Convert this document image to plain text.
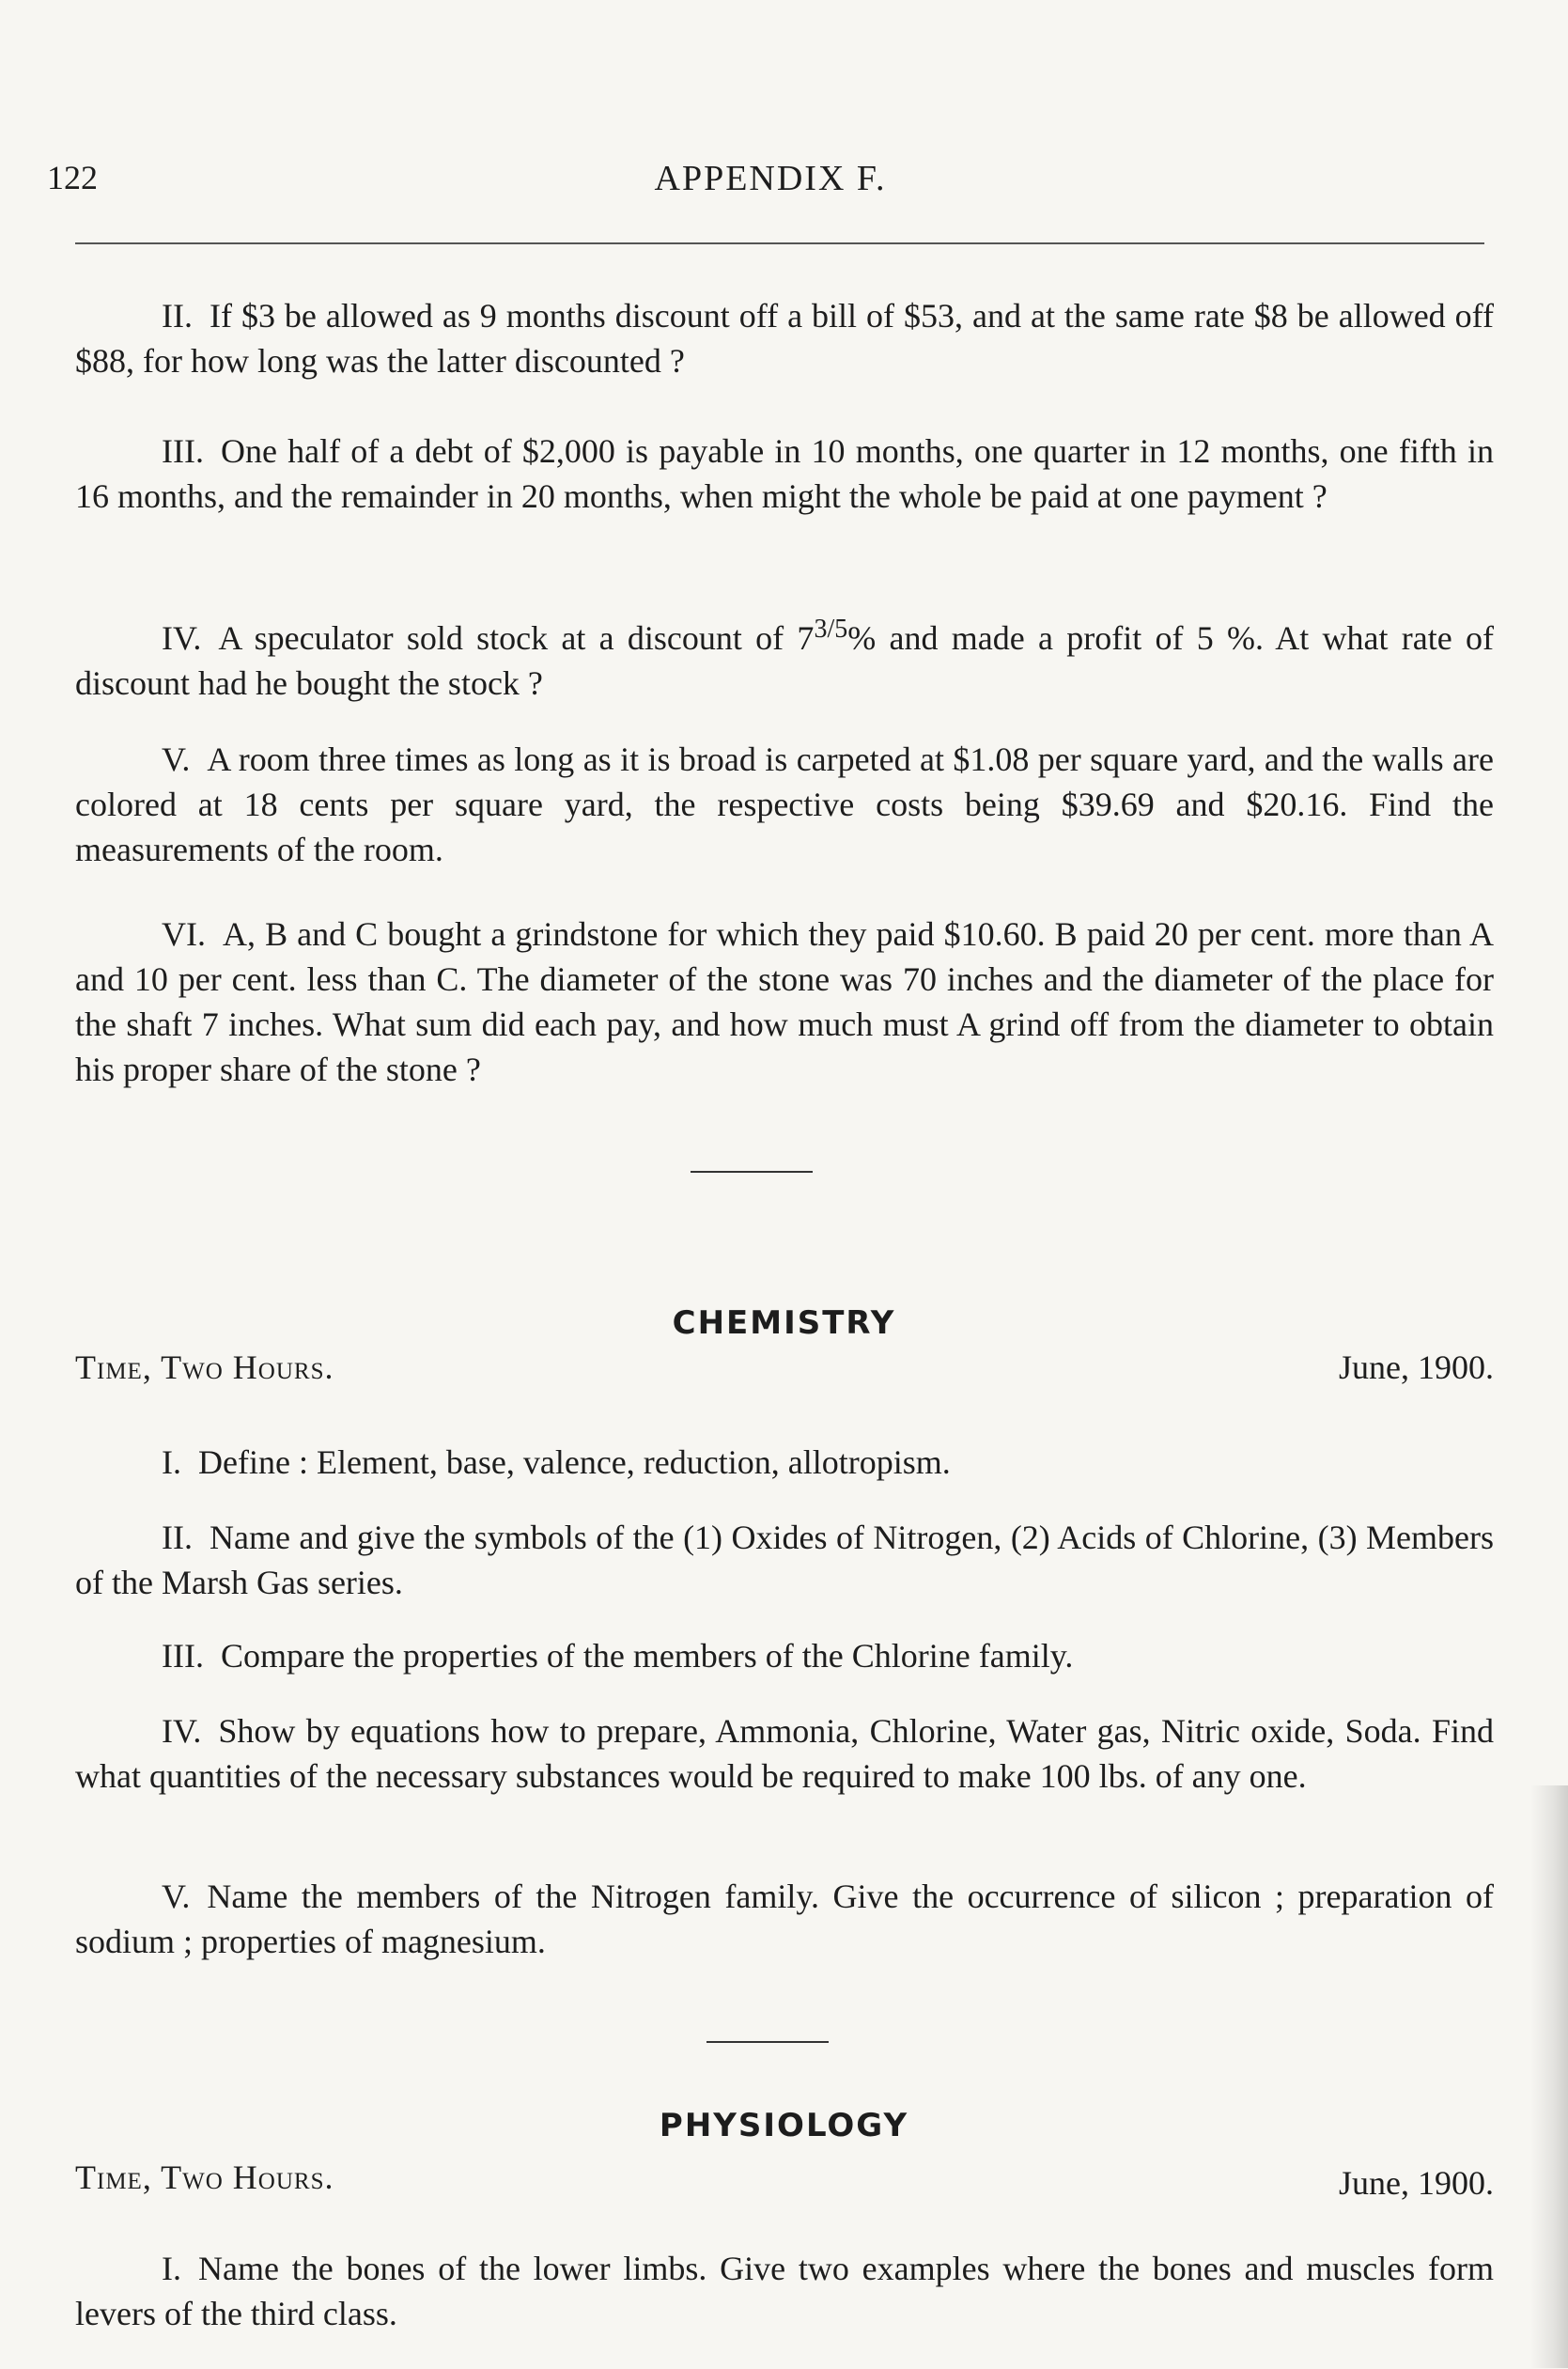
122	APPENDIX F.

II. If $3 be allowed as 9 months discount off a bill of $53, and at the same rate $8 be allowed off $88, for how long was the latter discounted ?

III. One half of a debt of $2,000 is payable in 10 months, one quarter in 12 months, one fifth in 16 months, and the remainder in 20 months, when might the whole be paid at one payment ?

IV. A speculator sold stock at a discount of $7^{3/5}\%$ and made a profit of 5 %. At what rate of discount had he bought the stock ?

V. A room three times as long as it is broad is carpeted at $1.08 per square yard, and the walls are colored at 18 cents per square yard, the respective costs being $39.69 and $20.16. Find the measurements of the room.

VI. A, B and C bought a grindstone for which they paid $10.60. B paid 20 per cent. more than A and 10 per cent. less than C. The diameter of the stone was 70 inches and the diameter of the place for the shaft 7 inches. What sum did each pay, and how much must A grind off from the diameter to obtain his proper share of the stone ?

CHEMISTRY
Time, Two Hours.	June, 1900.

I. Define : Element, base, valence, reduction, allotropism.

II. Name and give the symbols of the (1) Oxides of Nitrogen, (2) Acids of Chlorine, (3) Members of the Marsh Gas series.

III. Compare the properties of the members of the Chlorine family.

IV. Show by equations how to prepare, Ammonia, Chlorine, Water gas, Nitric oxide, Soda. Find what quantities of the necessary substances would be required to make 100 lbs. of any one.

V. Name the members of the Nitrogen family. Give the occurrence of silicon ; preparation of sodium ; properties of magnesium.

PHYSIOLOGY
Time, Two Hours.	June, 1900.

I. Name the bones of the lower limbs. Give two examples where the bones and muscles form levers of the third class.
